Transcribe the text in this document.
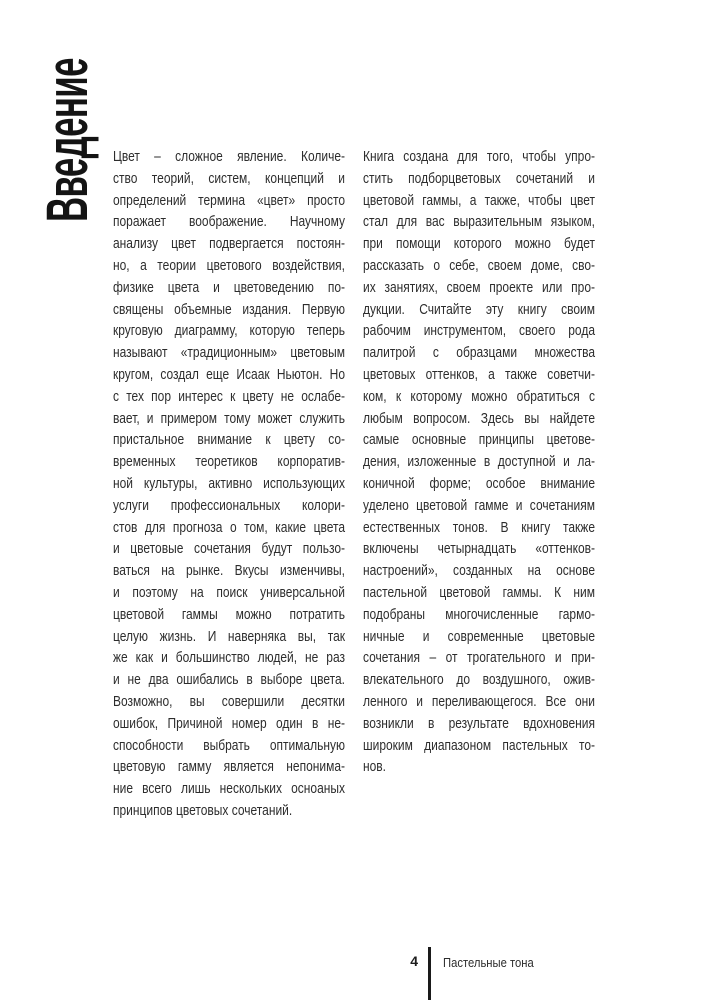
Введение Цвет – сложное явление. Количе-
ство теорий, систем, концепций и
определений термина «цвет» просто
поражает воображение. Научному
анализу цвет подвергается постоян-
но, а теории цветового воздействия,
физике цвета и цветоведению по-
священы объемные издания. Первую
круговую диаграмму, которую теперь
называют «традиционным» цветовым
кругом, создал еще Исаак Ньютон. Но
с тех пор интерес к цвету не ослабе-
вает, и примером тому может служить
пристальное внимание к цвету со-
временных теоретиков корпоратив-
ной культуры, активно использующих
услуги профессиональных колори-
стов для прогноза о том, какие цвета
и цветовые сочетания будут пользо-
ваться на рынке. Вкусы изменчивы,
и поэтому на поиск универсальной
цветовой гаммы можно потратить
целую жизнь. И наверняка вы, так
же как и большинство людей, не раз
и не два ошибались в выборе цвета.
Возможно, вы совершили десятки
ошибок, Причиной номер один в не-
способности выбрать оптимальную
цветовую гамму является непонима-
ние всего лишь нескольких осноаных
принципов цветовых сочетаний.
Книга создана для того, чтобы упро-
стить подборцветовых сочетаний и
цветовой гаммы, а также, чтобы цвет
стал для вас выразительным языком,
при помощи которого можно будет
рассказать о себе, своем доме, сво-
их занятиях, своем проекте или про-
дукции. Считайте эту книгу своим
рабочим инструментом, своего рода
палитрой с образцами множества
цветовых оттенков, а также советчи-
ком, к которому можно обратиться с
любым вопросом. Здесь вы найдете
самые основные принципы цветове-
дения, изложенные в доступной и ла-
коничной форме; особое внимание
уделено цветовой гамме и сочетаниям
естественных тонов. В книгу также
включены четырнадцать «оттенков-
настроений», созданных на основе
пастельной цветовой гаммы. К ним
подобраны многочисленные гармо-
ничные и современные цветовые
сочетания – от трогательного и при-
влекательного до воздушного, ожив-
ленного и переливающегося. Все они
возникли в результате вдохновения
широким диапазоном пастельных то-
нов.
4 Пастельные тона
